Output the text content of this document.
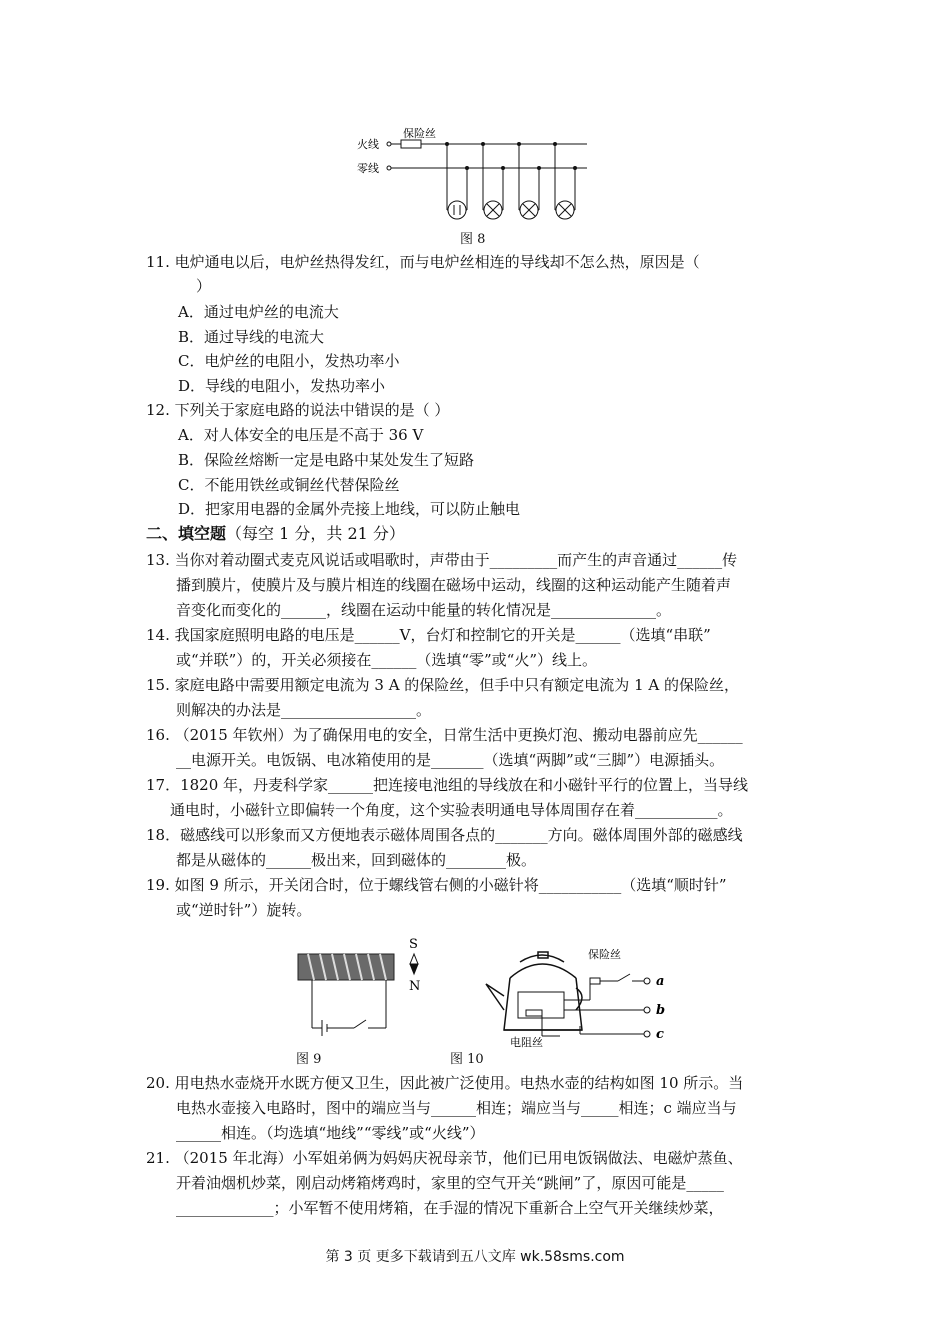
火线
零线
保险丝
图 8
11. 电炉通电以后，电炉丝热得发红，而与电炉丝相连的导线却不怎么热，原因是（
）
A．通过电炉丝的电流大
B．通过导线的电流大
C．电炉丝的电阻小，发热功率小
D．导线的电阻小，发热功率小
12. 下列关于家庭电路的说法中错误的是（ ）
A．对人体安全的电压是不高于 36 V
B．保险丝熔断一定是电路中某处发生了短路
C．不能用铁丝或铜丝代替保险丝
D．把家用电器的金属外壳接上地线，可以防止触电
二、填空题（每空 1 分，共 21 分）
13. 当你对着动圈式麦克风说话或唱歌时，声带由于_________而产生的声音通过______传
播到膜片，使膜片及与膜片相连的线圈在磁场中运动，线圈的这种运动能产生随着声
音变化而变化的______，线圈在运动中能量的转化情况是______________。
14. 我国家庭照明电路的电压是______V，台灯和控制它的开关是______（选填“串联”
或“并联”）的，开关必须接在______（选填“零”或“火”）线上。
15. 家庭电路中需要用额定电流为 3 A 的保险丝，但手中只有额定电流为 1 A 的保险丝，
则解决的办法是__________________。
16. （2015 年钦州）为了确保用电的安全，日常生活中更换灯泡、搬动电器前应先______
__电源开关。电饭锅、电冰箱使用的是_______（选填“两脚”或“三脚”）电源插头。
17．1820 年，丹麦科学家______把连接电池组的导线放在和小磁针平行的位置上，当导线
通电时，小磁针立即偏转一个角度，这个实验表明通电导体周围存在着___________。
18．磁感线可以形象而又方便地表示磁体周围各点的_______方向。磁体周围外部的磁感线
都是从磁体的______极出来，回到磁体的________极。
19. 如图 9 所示，开关闭合时，位于螺线管右侧的小磁针将___________（选填“顺时针”
或“逆时针”）旋转。
S
N
图 9
保险丝
电阻丝
a
b
c
图 10
20. 用电热水壶烧开水既方便又卫生，因此被广泛使用。电热水壶的结构如图 10 所示。当
电热水壶接入电路时，图中的端应当与______相连；端应当与_____相连；c 端应当与
______相连。（均选填“地线”“零线”或“火线”）
21. （2015 年北海）小军姐弟俩为妈妈庆祝母亲节，他们已用电饭锅做法、电磁炉蒸鱼、
开着油烟机炒菜，刚启动烤箱烤鸡时，家里的空气开关“跳闸”了，原因可能是_____
_____________；小军暂不使用烤箱，在手湿的情况下重新合上空气开关继续炒菜，
第 3 页 更多下载请到五八文库 wk.58sms.com
